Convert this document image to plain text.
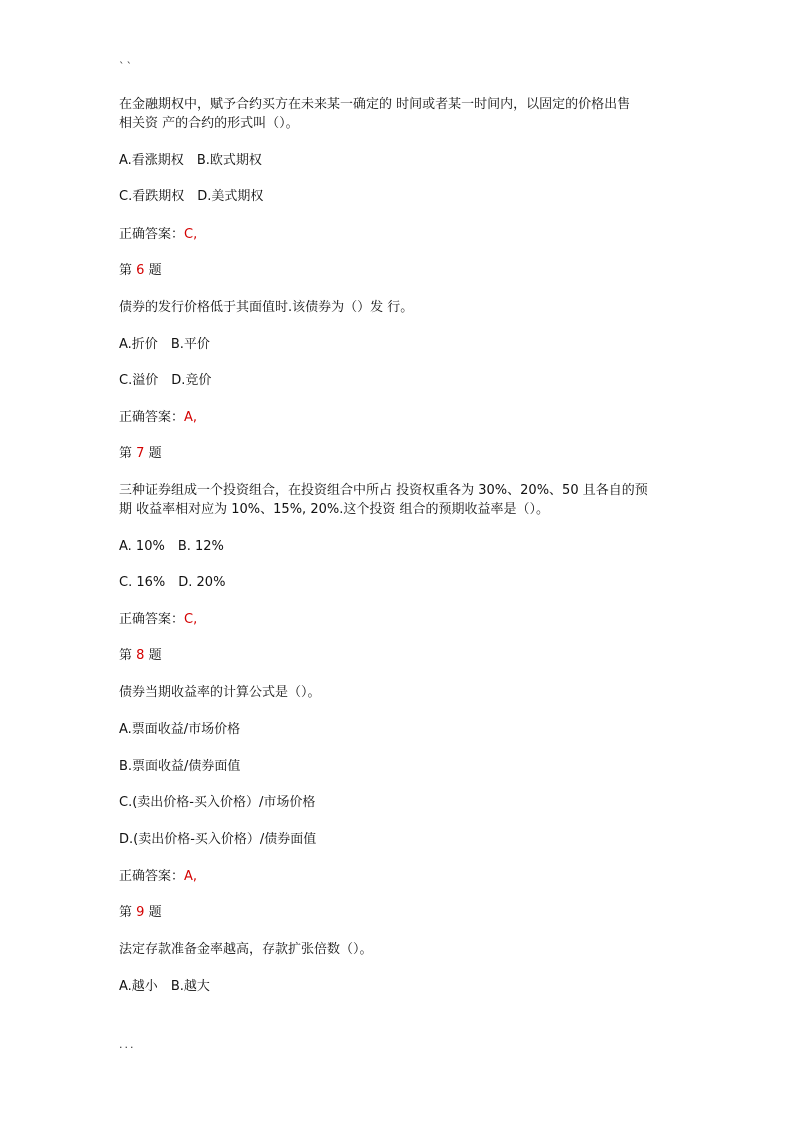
``
在金融期权中，赋予合约买方在未来某一确定的 时间或者某一时间内，以固定的价格出售
相关资 产的合约的形式叫（）。
A.看涨期权 B.欧式期权
C.看跌期权 D.美式期权
正确答案：C,
第 6 题
债券的发行价格低于其面值时.该债券为（）发 行。
A.折价 B.平价
C.溢价 D.竞价
正确答案：A,
第 7 题
三种证券组成一个投资组合，在投资组合中所占 投资权重各为 30%、20%、50 且各自的预
期 收益率相对应为 10%、15%, 20%.这个投资 组合的预期收益率是（）。
A. 10% B. 12%
C. 16% D. 20%
正确答案：C,
第 8 题
债券当期收益率的计算公式是（）。
A.票面收益/市场价格
B.票面收益/债券面值
C.(卖出价格-买入价格）/市场价格
D.(卖出价格-买入价格）/债券面值
正确答案：A,
第 9 题
法定存款准备金率越高，存款扩张倍数（）。
A.越小 B.越大
...
